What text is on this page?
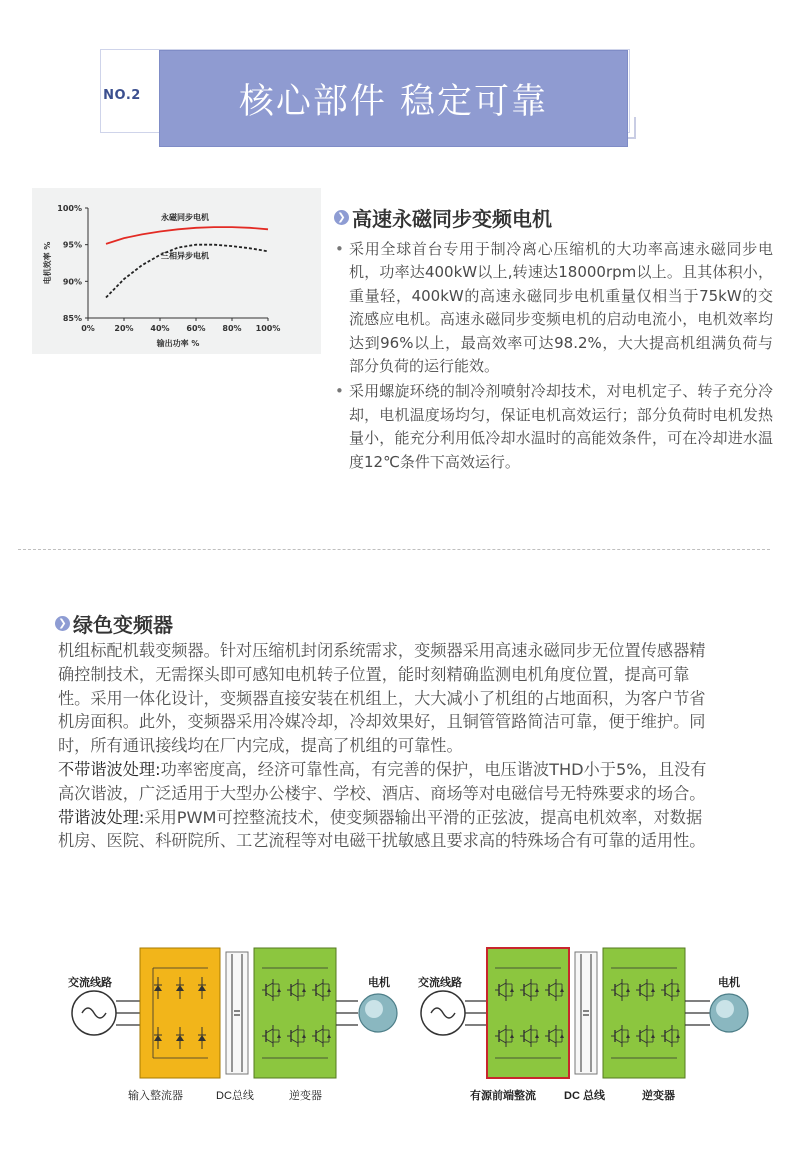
NO.2	核心部件 稳定可靠
85%
90%
95%
100%
0% 20% 40% 60% 80% 100%
输出功率 %
电机效率 %
永磁同步电机
三相异步电机
❯ 高速永磁同步变频电机
• 采用全球首台专用于制冷离心压缩机的大功率高速永磁同步电机，功率达400kW以上,转速达18000rpm以上。且其体积小，重量轻，400kW的高速永磁同步电机重量仅相当于75kW的交流感应电机。高速永磁同步变频电机的启动电流小，电机效率均达到96%以上，最高效率可达98.2%，大大提高机组满负荷与部分负荷的运行能效。
• 采用螺旋环绕的制冷剂喷射冷却技术，对电机定子、转子充分冷却，电机温度场均匀，保证电机高效运行；部分负荷时电机发热量小，能充分利用低冷却水温时的高能效条件，可在冷却进水温度12℃条件下高效运行。
❯ 绿色变频器

机组标配机载变频器。针对压缩机封闭系统需求，变频器采用高速永磁同步无位置传感器精确控制技术，无需探头即可感知电机转子位置，能时刻精确监测电机角度位置，提高可靠性。采用一体化设计，变频器直接安装在机组上，大大减小了机组的占地面积，为客户节省机房面积。此外，变频器采用冷媒冷却，冷却效果好，且铜管管路简洁可靠，便于维护。同时，所有通讯接线均在厂内完成，提高了机组的可靠性。

不带谐波处理:功率密度高，经济可靠性高，有完善的保护，电压谐波THD小于5%，且没有高次谐波，广泛适用于大型办公楼宇、学校、酒店、商场等对电磁信号无特殊要求的场合。

带谐波处理:采用PWM可控整流技术，使变频器输出平滑的正弦波，提高电机效率，对数据机房、医院、科研院所、工艺流程等对电磁干扰敏感且要求高的特殊场合有可靠的适用性。

交流线路	电机
输入整流器	DC总线	逆变器
交流线路	电机
有源前端整流	DC 总线	逆变器
